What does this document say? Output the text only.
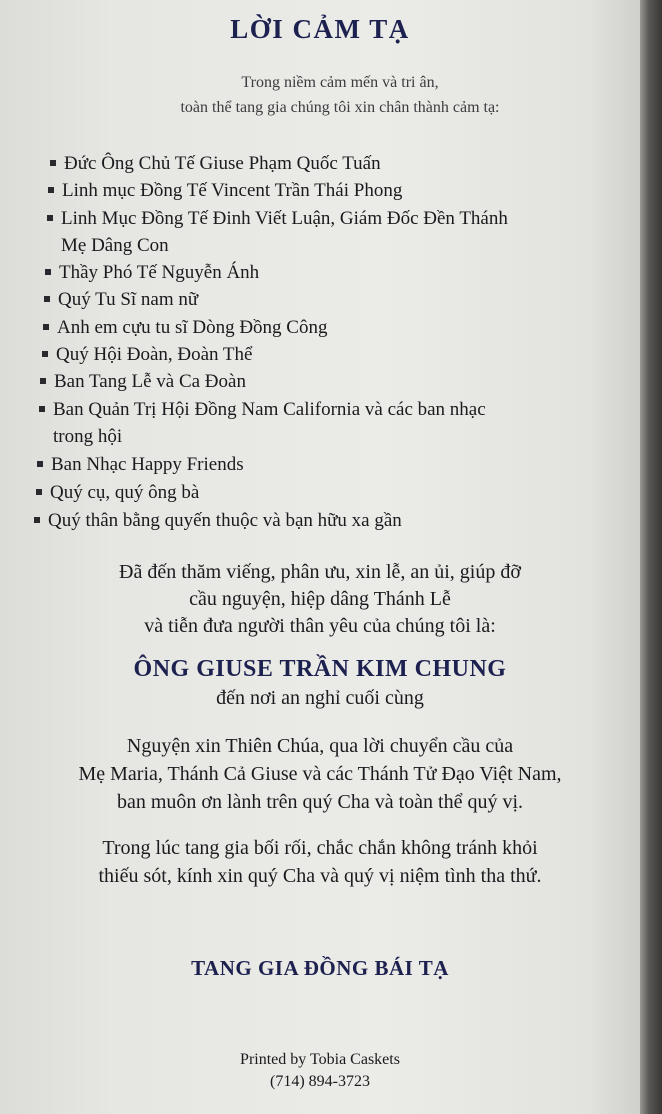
LỜI CẢM TẠ

Trong niềm cảm mến và tri ân,

toàn thể tang gia chúng tôi xin chân thành cảm tạ:

Đức Ông Chủ Tế Giuse Phạm Quốc Tuấn
Linh mục Đồng Tế Vincent Trần Thái Phong
Linh Mục Đồng Tế Đinh Viết Luận, Giám Đốc Đền Thánh
Mẹ Dâng Con
Thầy Phó Tế Nguyễn Ánh
Quý Tu Sĩ nam nữ
Anh em cựu tu sĩ Dòng Đồng Công
Quý Hội Đoàn, Đoàn Thể
Ban Tang Lễ và Ca Đoàn
Ban Quản Trị Hội Đồng Nam California và các ban nhạc
trong hội
Ban Nhạc Happy Friends
Quý cụ, quý ông bà
Quý thân bằng quyến thuộc và bạn hữu xa gần

Đã đến thăm viếng, phân ưu, xin lễ, an ủi, giúp đỡ

cầu nguyện, hiệp dâng Thánh Lễ

và tiễn đưa người thân yêu của chúng tôi là:

ÔNG GIUSE TRẦN KIM CHUNG

đến nơi an nghỉ cuối cùng

Nguyện xin Thiên Chúa, qua lời chuyển cầu của

Mẹ Maria, Thánh Cả Giuse và các Thánh Tử Đạo Việt Nam,

ban muôn ơn lành trên quý Cha và toàn thể quý vị.

Trong lúc tang gia bối rối, chắc chắn không tránh khỏi

thiếu sót, kính xin quý Cha và quý vị niệm tình tha thứ.

TANG GIA ĐỒNG BÁI TẠ

Printed by Tobia Caskets

(714) 894-3723
